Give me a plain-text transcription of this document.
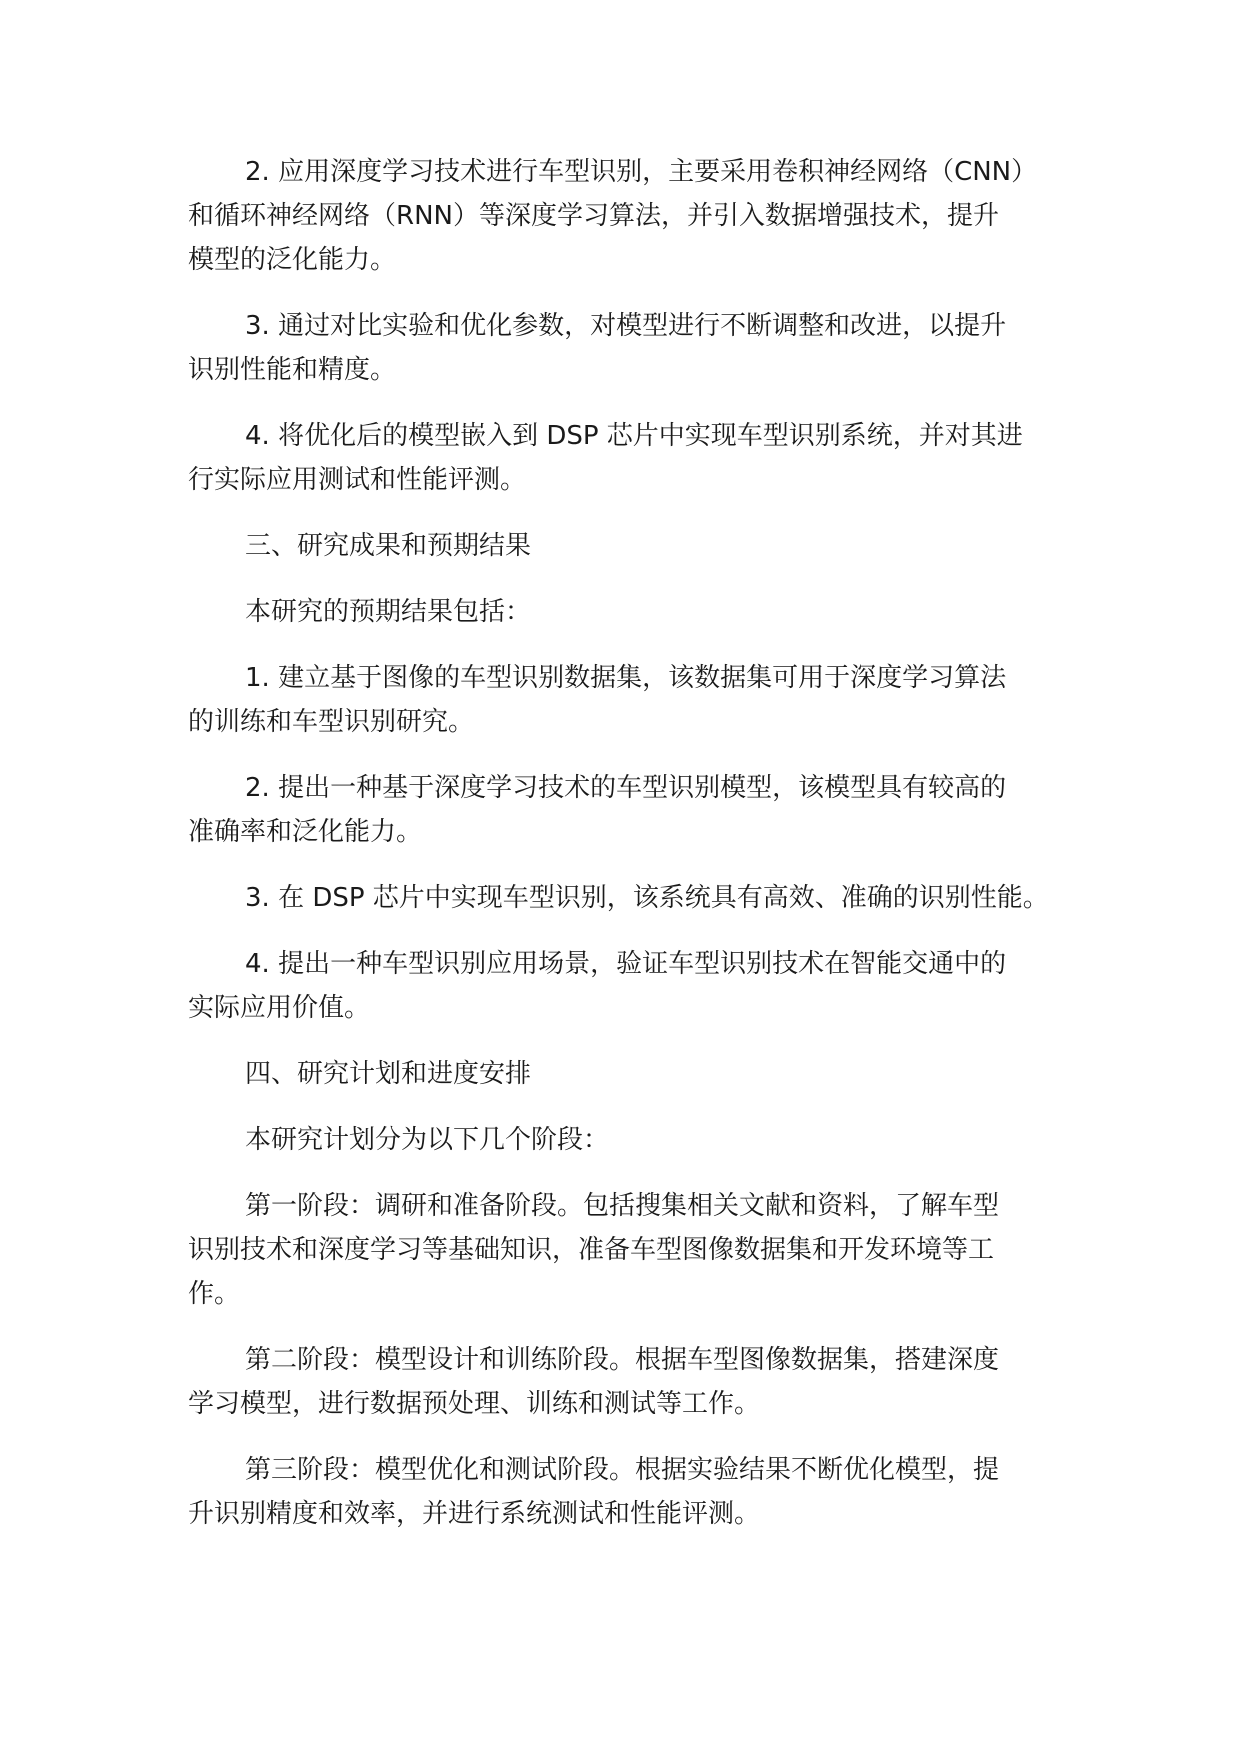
2. 应用深度学习技术进行车型识别，主要采用卷积神经网络（CNN）
和循环神经网络（RNN）等深度学习算法，并引入数据增强技术，提升
模型的泛化能力。

3. 通过对比实验和优化参数，对模型进行不断调整和改进，以提升
识别性能和精度。

4. 将优化后的模型嵌入到 DSP 芯片中实现车型识别系统，并对其进
行实际应用测试和性能评测。

三、研究成果和预期结果

本研究的预期结果包括：

1. 建立基于图像的车型识别数据集，该数据集可用于深度学习算法
的训练和车型识别研究。

2. 提出一种基于深度学习技术的车型识别模型，该模型具有较高的
准确率和泛化能力。

3. 在 DSP 芯片中实现车型识别，该系统具有高效、准确的识别性能。

4. 提出一种车型识别应用场景，验证车型识别技术在智能交通中的
实际应用价值。

四、研究计划和进度安排

本研究计划分为以下几个阶段：

第一阶段：调研和准备阶段。包括搜集相关文献和资料，了解车型
识别技术和深度学习等基础知识，准备车型图像数据集和开发环境等工
作。

第二阶段：模型设计和训练阶段。根据车型图像数据集，搭建深度
学习模型，进行数据预处理、训练和测试等工作。

第三阶段：模型优化和测试阶段。根据实验结果不断优化模型，提
升识别精度和效率，并进行系统测试和性能评测。
